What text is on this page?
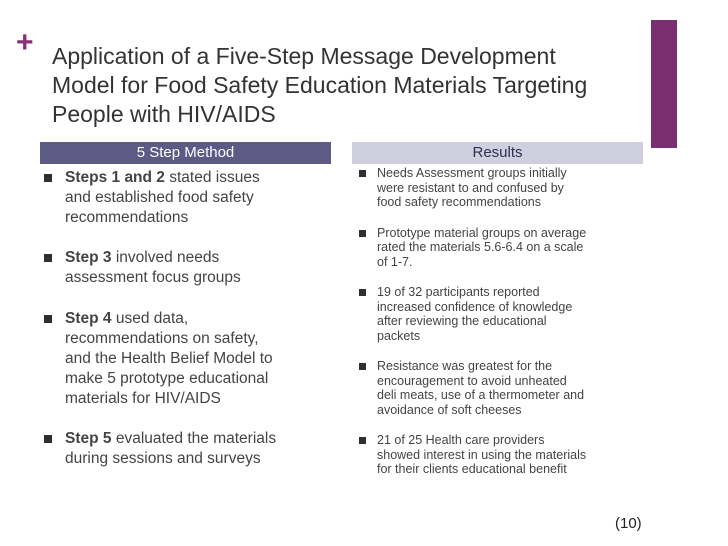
+ Application of a Five-Step Message Development
Model for Food Safety Education Materials Targeting
People with HIV/AIDS
5 Step Method	Results
Steps 1 and 2 stated issues
and established food safety
recommendations
Step 3 involved needs
assessment focus groups
Step 4 used data,
recommendations on safety,
and the Health Belief Model to
make 5 prototype educational
materials for HIV/AIDS
Step 5 evaluated the materials
during sessions and surveys
Needs Assessment groups initially
were resistant to and confused by
food safety recommendations
Prototype material groups on average
rated the materials 5.6-6.4 on a scale
of 1-7.
19 of 32 participants reported
increased confidence of knowledge
after reviewing the educational
packets
Resistance was greatest for the
encouragement to avoid unheated
deli meats, use of a thermometer and
avoidance of soft cheeses
21 of 25 Health care providers
showed interest in using the materials
for their clients educational benefit
(10)
